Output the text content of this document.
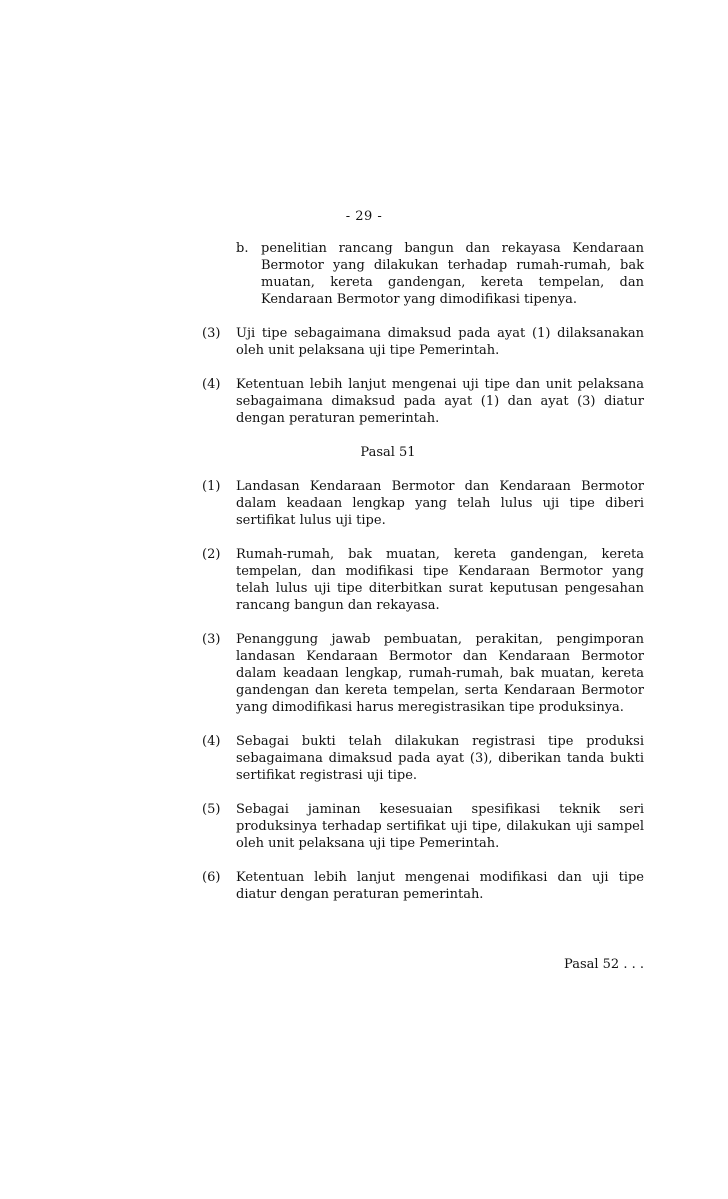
- 29 -
b. penelitian rancang bangun dan rekayasa Kendaraan Bermotor yang dilakukan terhadap rumah-rumah, bak muatan, kereta gandengan, kereta tempelan, dan Kendaraan Bermotor yang dimodifikasi tipenya.
(3)	Uji tipe sebagaimana dimaksud pada ayat (1) dilaksanakan oleh unit pelaksana uji tipe Pemerintah.
(4)	Ketentuan lebih lanjut mengenai uji tipe dan unit pelaksana sebagaimana dimaksud pada ayat (1) dan ayat (3) diatur dengan peraturan pemerintah.
Pasal 51
(1)	Landasan Kendaraan Bermotor dan Kendaraan Bermotor dalam keadaan lengkap yang telah lulus uji tipe diberi sertifikat lulus uji tipe.
(2)	Rumah-rumah, bak muatan, kereta gandengan, kereta tempelan, dan modifikasi tipe Kendaraan Bermotor yang telah lulus uji tipe diterbitkan surat keputusan pengesahan rancang bangun dan rekayasa.
(3)	Penanggung jawab pembuatan, perakitan, pengimporan landasan Kendaraan Bermotor dan Kendaraan Bermotor dalam keadaan lengkap, rumah-rumah, bak muatan, kereta gandengan dan kereta tempelan, serta Kendaraan Bermotor yang dimodifikasi harus meregistrasikan tipe produksinya.
(4)	Sebagai bukti telah dilakukan registrasi tipe produksi sebagaimana dimaksud pada ayat (3), diberikan tanda bukti sertifikat registrasi uji tipe.
(5)	Sebagai jaminan kesesuaian spesifikasi teknik seri produksinya terhadap sertifikat uji tipe, dilakukan uji sampel oleh unit pelaksana uji tipe Pemerintah.
(6)	Ketentuan lebih lanjut mengenai modifikasi dan uji tipe diatur dengan peraturan pemerintah.
Pasal 52 . . .
